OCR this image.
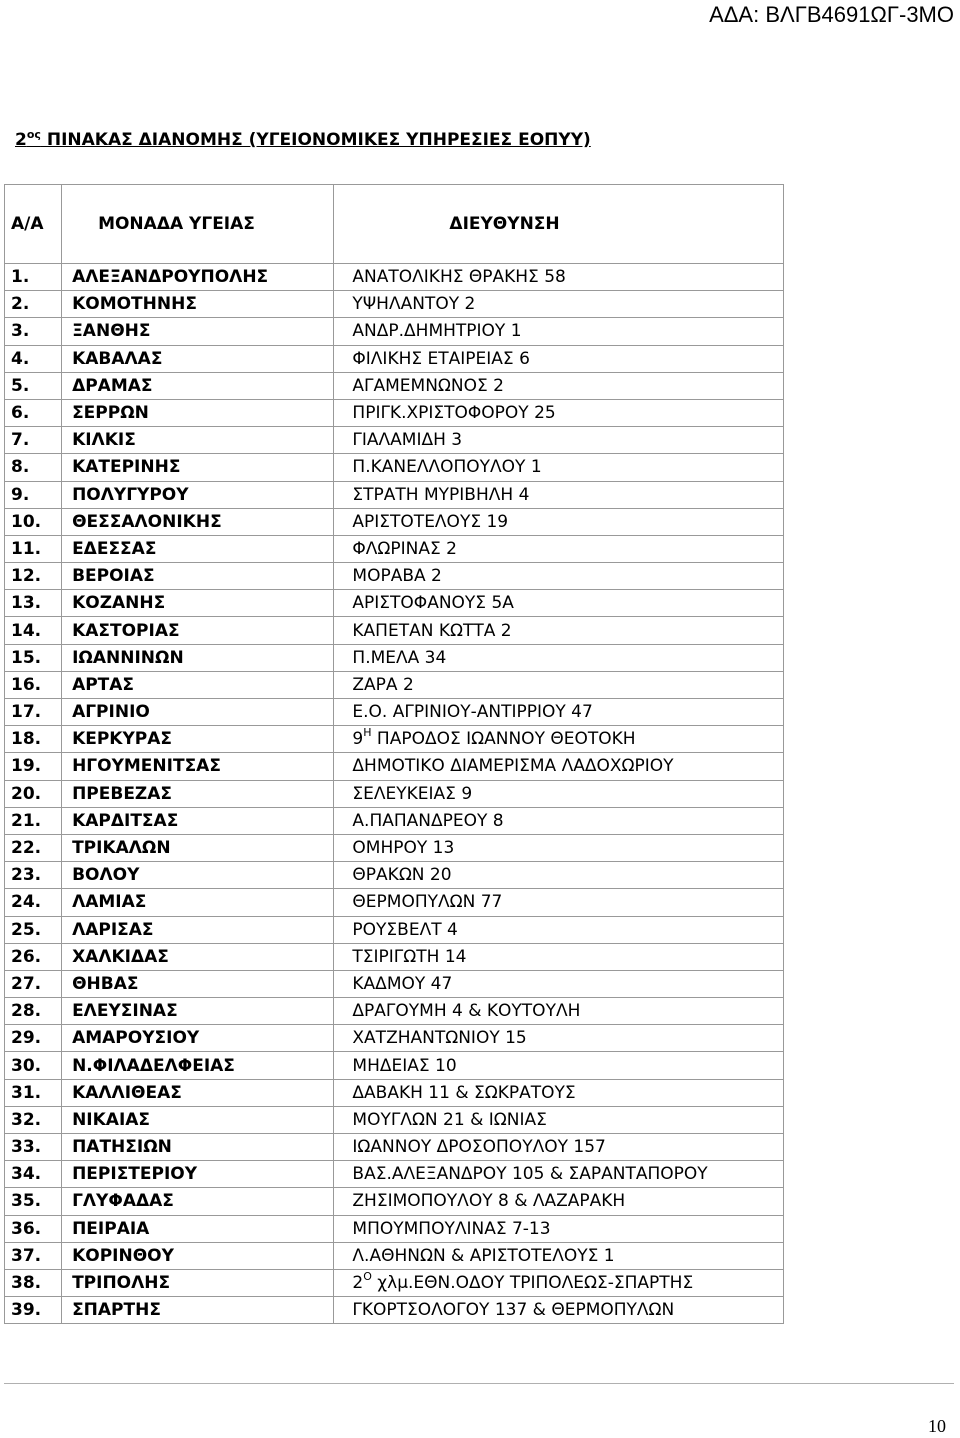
ΑΔΑ: ΒΛΓΒ4691ΩΓ-3ΜΟ
$2^{o\varsigma}$ ΠΙΝΑΚΑΣ ΔΙΑΝΟΜΗΣ (ΥΓΕΙΟΝΟΜΙΚΕΣ ΥΠΗΡΕΣΙΕΣ ΕΟΠΥΥ)
Α/Α	ΜΟΝΑΔΑ ΥΓΕΙΑΣ	ΔΙΕΥΘΥΝΣΗ
1.	ΑΛΕΞΑΝΔΡΟΥΠΟΛΗΣ	ΑΝΑΤΟΛΙΚΗΣ ΘΡΑΚΗΣ 58
2.	ΚΟΜΟΤΗΝΗΣ	ΥΨΗΛΑΝΤΟΥ 2
3.	ΞΑΝΘΗΣ	ΑΝΔΡ.ΔΗΜΗΤΡΙΟΥ 1
4.	ΚΑΒΑΛΑΣ	ΦΙΛΙΚΗΣ ΕΤΑΙΡΕΙΑΣ 6
5.	ΔΡΑΜΑΣ	ΑΓΑΜΕΜΝΩΝΟΣ 2
6.	ΣΕΡΡΩΝ	ΠΡΙΓΚ.ΧΡΙΣΤΟΦΟΡΟΥ 25
7.	ΚΙΛΚΙΣ	ΓΙΑΛΑΜΙΔΗ 3
8.	ΚΑΤΕΡΙΝΗΣ	Π.ΚΑΝΕΛΛΟΠΟΥΛΟΥ 1
9.	ΠΟΛΥΓΥΡΟΥ	ΣΤΡΑΤΗ ΜΥΡΙΒΗΛΗ 4
10.	ΘΕΣΣΑΛΟΝΙΚΗΣ	ΑΡΙΣΤΟΤΕΛΟΥΣ 19
11.	ΕΔΕΣΣΑΣ	ΦΛΩΡΙΝΑΣ 2
12.	ΒΕΡΟΙΑΣ	ΜΟΡΑΒΑ 2
13.	ΚΟΖΑΝΗΣ	ΑΡΙΣΤΟΦΑΝΟΥΣ 5Α
14.	ΚΑΣΤΟΡΙΑΣ	ΚΑΠΕΤΑΝ ΚΩΤΤΑ 2
15.	ΙΩΑΝΝΙΝΩΝ	Π.ΜΕΛΑ 34
16.	ΑΡΤΑΣ	ΖΑΡΑ 2
17.	ΑΓΡΙΝΙΟ	Ε.Ο. ΑΓΡΙΝΙΟΥ-ΑΝΤΙΡΡΙΟΥ 47
18.	ΚΕΡΚΥΡΑΣ	$9^H$ ΠΑΡΟΔΟΣ ΙΩΑΝΝΟΥ ΘΕΟΤΟΚΗ
19.	ΗΓΟΥΜΕΝΙΤΣΑΣ	ΔΗΜΟΤΙΚΟ ΔΙΑΜΕΡΙΣΜΑ ΛΑΔΟΧΩΡΙΟΥ
20.	ΠΡΕΒΕΖΑΣ	ΣΕΛΕΥΚΕΙΑΣ 9
21.	ΚΑΡΔΙΤΣΑΣ	Α.ΠΑΠΑΝΔΡΕΟΥ 8
22.	ΤΡΙΚΑΛΩΝ	ΟΜΗΡΟΥ 13
23.	ΒΟΛΟΥ	ΘΡΑΚΩΝ 20
24.	ΛΑΜΙΑΣ	ΘΕΡΜΟΠΥΛΩΝ 77
25.	ΛΑΡΙΣΑΣ	ΡΟΥΣΒΕΛΤ 4
26.	ΧΑΛΚΙΔΑΣ	ΤΣΙΡΙΓΩΤΗ 14
27.	ΘΗΒΑΣ	ΚΑΔΜΟΥ 47
28.	ΕΛΕΥΣΙΝΑΣ	ΔΡΑΓΟΥΜΗ 4 & ΚΟΥΤΟΥΛΗ
29.	ΑΜΑΡΟΥΣΙΟΥ	ΧΑΤΖΗΑΝΤΩΝΙΟΥ 15
30.	Ν.ΦΙΛΑΔΕΛΦΕΙΑΣ	ΜΗΔΕΙΑΣ 10
31.	ΚΑΛΛΙΘΕΑΣ	ΔΑΒΑΚΗ 11 & ΣΩΚΡΑΤΟΥΣ
32.	ΝΙΚΑΙΑΣ	ΜΟΥΓΛΩΝ 21 & ΙΩΝΙΑΣ
33.	ΠΑΤΗΣΙΩΝ	ΙΩΑΝΝΟΥ ΔΡΟΣΟΠΟΥΛΟΥ 157
34.	ΠΕΡΙΣΤΕΡΙΟΥ	ΒΑΣ.ΑΛΕΞΑΝΔΡΟΥ 105 & ΣΑΡΑΝΤΑΠΟΡΟΥ
35.	ΓΛΥΦΑΔΑΣ	ΖΗΣΙΜΟΠΟΥΛΟΥ 8 & ΛΑΖΑΡΑΚΗ
36.	ΠΕΙΡΑΙΑ	ΜΠΟΥΜΠΟΥΛΙΝΑΣ 7-13
37.	ΚΟΡΙΝΘΟΥ	Λ.ΑΘΗΝΩΝ & ΑΡΙΣΤΟΤΕΛΟΥΣ 1
38.	ΤΡΙΠΟΛΗΣ	$2^O$ χλμ.ΕΘΝ.ΟΔΟΥ ΤΡΙΠΟΛΕΩΣ-ΣΠΑΡΤΗΣ
39.	ΣΠΑΡΤΗΣ	ΓΚΟΡΤΣΟΛΟΓΟΥ 137 & ΘΕΡΜΟΠΥΛΩΝ
10
